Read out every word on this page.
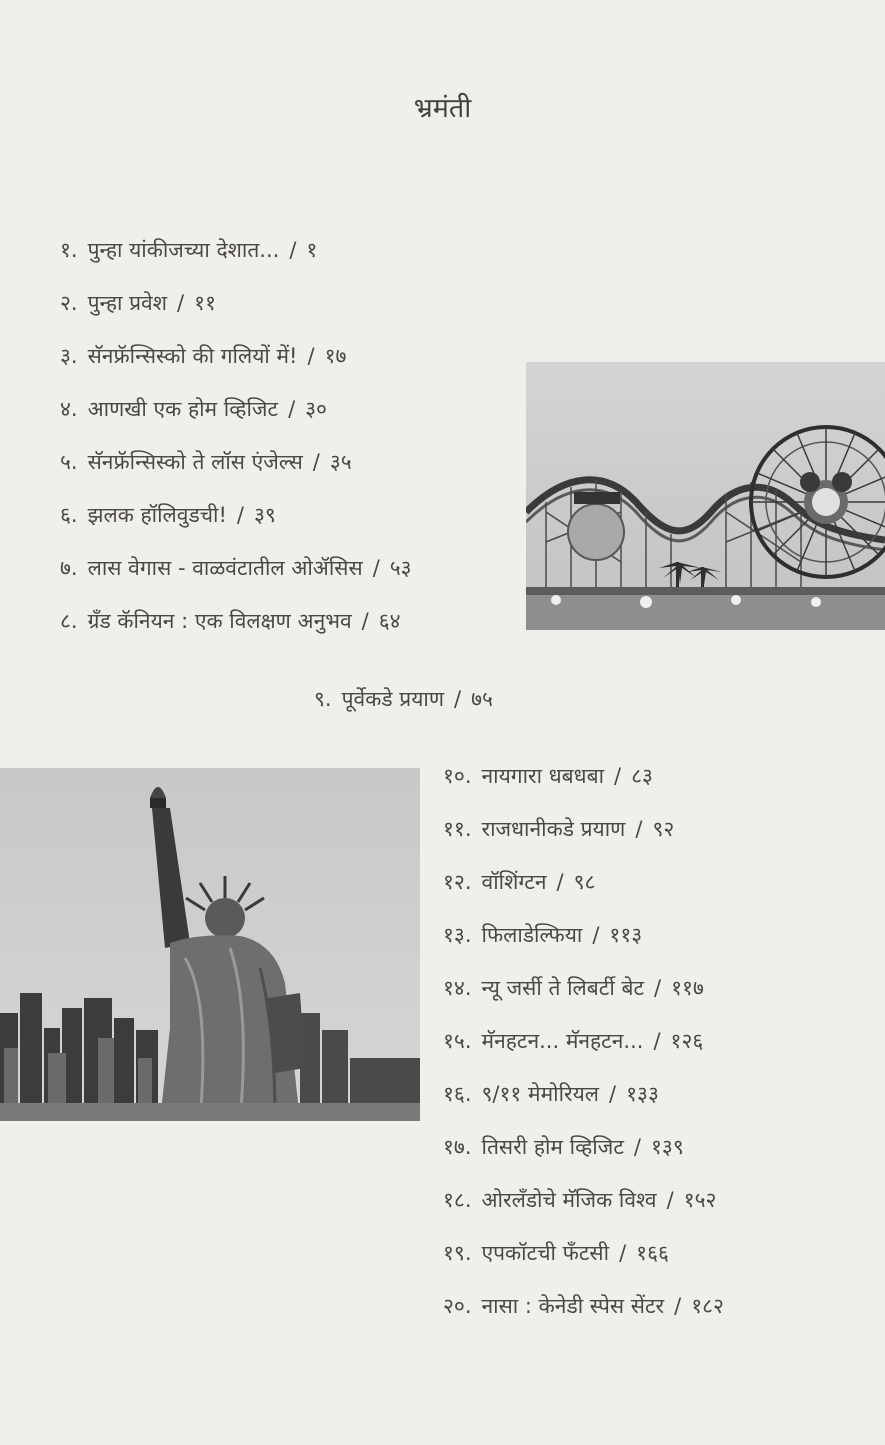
भ्रमंती
१. पुन्हा यांकीजच्या देशात... / १
२. पुन्हा प्रवेश / ११
३. सॅनफ्रॅन्सिस्को की गलियों में! / १७
४. आणखी एक होम व्हिजिट / ३०
५. सॅनफ्रॅन्सिस्को ते लॉस एंजेल्स / ३५
६. झलक हॉलिवुडची! / ३९
७. लास वेगास - वाळवंटातील ओॲसिस / ५३
८. ग्रॅंड कॅनियन : एक विलक्षण अनुभव / ६४
९. पूर्वेकडे प्रयाण / ७५
१०. नायगारा धबधबा / ८३
११. राजधानीकडे प्रयाण / ९२
१२. वॉशिंग्टन / ९८
१३. फिलाडेल्फिया / ११३
१४. न्यू जर्सी ते लिबर्टी बेट / ११७
१५. मॅनहटन... मॅनहटन... / १२६
१६. ९/११ मेमोरियल / १३३
१७. तिसरी होम व्हिजिट / १३९
१८. ओरलॅंडोचे मॅजिक विश्व / १५२
१९. एपकॉटची फॅंटसी / १६६
२०. नासा : केनेडी स्पेस सेंटर / १८२
